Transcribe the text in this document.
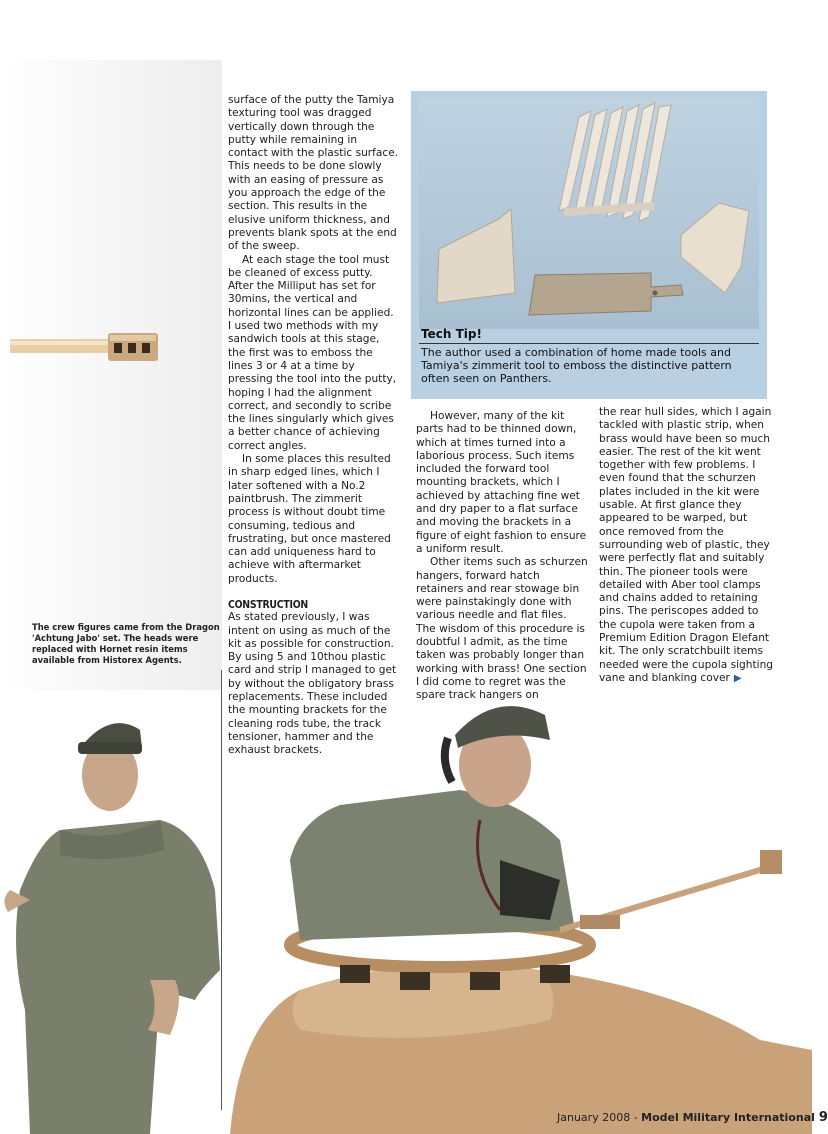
surface of the putty the Tamiya texturing tool was dragged vertically down through the putty while remaining in contact with the plastic surface. This needs to be done slowly with an easing of pressure as you approach the edge of the section. This results in the elusive uniform thickness, and prevents blank spots at the end of the sweep.

At each stage the tool must be cleaned of excess putty. After the Milliput has set for 30mins, the vertical and horizontal lines can be applied. I used two methods with my sandwich tools at this stage, the first was to emboss the lines 3 or 4 at a time by pressing the tool into the putty, hoping I had the alignment correct, and secondly to scribe the lines singularly which gives a better chance of achieving correct angles.

In some places this resulted in sharp edged lines, which I later softened with a No.2 paintbrush. The zimmerit process is without doubt time consuming, tedious and frustrating, but once mastered can add uniqueness hard to achieve with aftermarket products.

CONSTRUCTION

As stated previously, I was intent on using as much of the kit as possible for construction. By using 5 and 10thou plastic card and strip I managed to get by without the obligatory brass replacements. These included the mounting brackets for the cleaning rods tube, the track tensioner, hammer and the exhaust brackets.

Tech Tip!
The author used a combination of home made tools and Tamiya's zimmerit tool to emboss the distinctive pattern often seen on Panthers.

However, many of the kit parts had to be thinned down, which at times turned into a laborious process. Such items included the forward tool mounting brackets, which I achieved by attaching fine wet and dry paper to a flat surface and moving the brackets in a figure of eight fashion to ensure a uniform result.

Other items such as schurzen hangers, forward hatch retainers and rear stowage bin were painstakingly done with various needle and flat files. The wisdom of this procedure is doubtful I admit, as the time taken was probably longer than working with brass! One section I did come to regret was the spare track hangers on

the rear hull sides, which I again tackled with plastic strip, when brass would have been so much easier. The rest of the kit went together with few problems. I even found that the schurzen plates included in the kit were usable. At first glance they appeared to be warped, but once removed from the surrounding web of plastic, they were perfectly flat and suitably thin. The pioneer tools were detailed with Aber tool clamps and chains added to retaining pins. The periscopes added to the cupola were taken from a Premium Edition Dragon Elefant kit. The only scratchbuilt items needed were the cupola sighting vane and blanking cover ▶

The crew figures came from the Dragon 'Achtung Jabo' set. The heads were replaced with Hornet resin items available from Historex Agents.
January 2008 - Model Military International 9
